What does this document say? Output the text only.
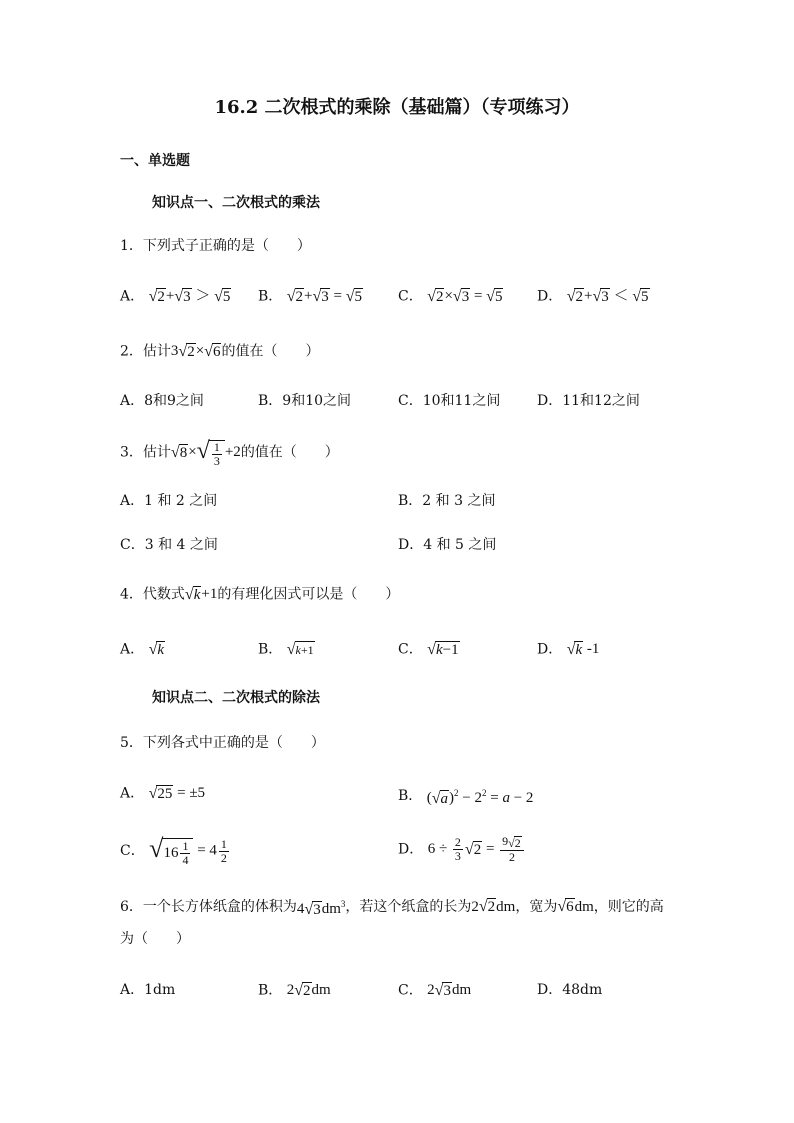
16.2 二次根式的乘除（基础篇）（专项练习）
一、单选题
知识点一、二次根式的乘法
1．下列式子正确的是（　　）
A． √2+√3 ＞ √5 B． √2+√3 = √5	C． √2×√3 = √5 D． √2+√3 ＜ √5
2．估计3√2×√6的值在（　　）
A．8和9之间	B．9和10之间	C．10和11之间	D．11和12之间
3．估计$√8\times√ \frac{1}{3} +2$的值在（　　）
A．1 和 2 之间	B．2 和 3 之间
C．3 和 4 之间	D．4 和 5 之间
4．代数式√k+1的有理化因式可以是（　　）
A． √k	B． √k+1	C． √k−1	D． √k -1
知识点二、二次根式的除法
5．下列各式中正确的是（　　）
A． √25 = ±5	B． $(√a)^2 - 2^2 = a - 2$
C． $√16 \frac{1}{4} = 4 \frac{1}{2}$	D． $6 \div \frac{2}{3} √2 = \frac{9√2}{2}$
6．一个长方体纸盒的体积为$4√3dm^3$，若这个纸盒的长为2√2dm，宽为√6dm，则它的高
为（　　）
A．1dm	B． 2√2dm	C． 2√3dm	D．48dm
